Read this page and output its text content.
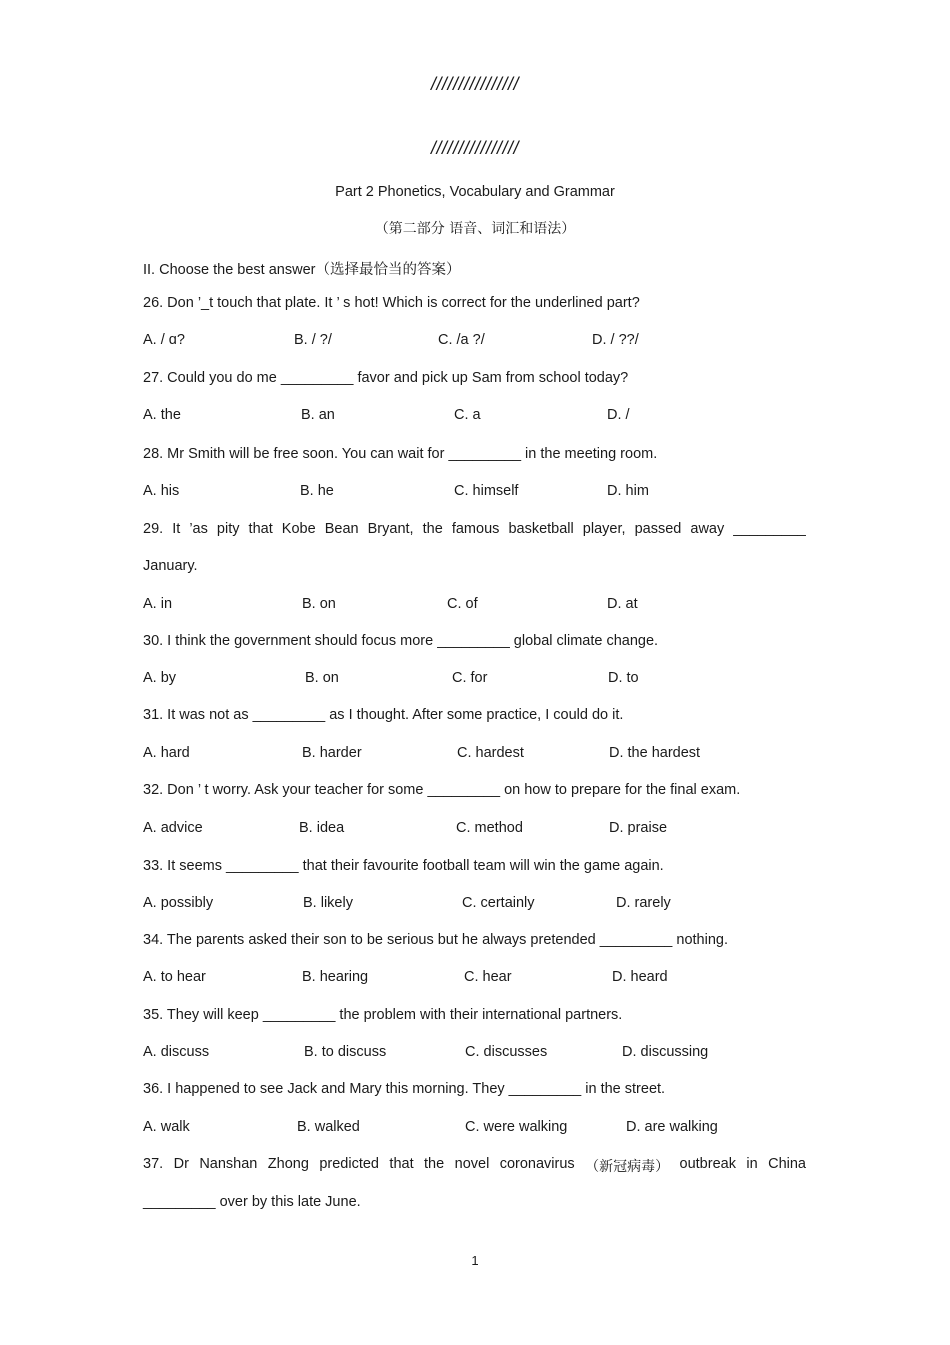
////////////////
////////////////
Part 2 Phonetics, Vocabulary and Grammar
（第二部分 语音、词汇和语法）
II. Choose the best answer（选择最恰当的答案）
26. Don ’_t touch that plate. It ’ s hot! Which is correct for the underlined part?
A. / ɑ?	B. / ?/	C. /a ?/	D. / ??/
27. Could you do me _________ favor and pick up Sam from school today?
A. the	B. an	C. a	D. /
28. Mr Smith will be free soon. You can wait for _________ in the meeting room.
A. his	B. he	C. himself	D. him
29. It ’as pity that Kobe Bean Bryant, the famous basketball player, passed away _________
January.
A. in	B. on	C. of	D. at
30. I think the government should focus more _________ global climate change.
A. by	B. on	C. for	D. to
31. It was not as _________ as I thought. After some practice, I could do it.
A. hard	B. harder	C. hardest	D. the hardest
32. Don ’ t worry. Ask your teacher for some _________ on how to prepare for the final exam.
A. advice	B. idea	C. method	D. praise
33. It seems _________ that their favourite football team will win the game again.
A. possibly	B. likely	C. certainly	D. rarely
34. The parents asked their son to be serious but he always pretended _________ nothing.
A. to hear	B. hearing	C. hear	D. heard
35. They will keep _________ the problem with their international partners.
A. discuss	B. to discuss	C. discusses	D. discussing
36. I happened to see Jack and Mary this morning. They _________ in the street.
A. walk	B. walked	C. were walking	D. are walking
37. Dr Nanshan Zhong predicted that the novel coronavirus （新冠病毒） outbreak in China
_________ over by this late June.
1
